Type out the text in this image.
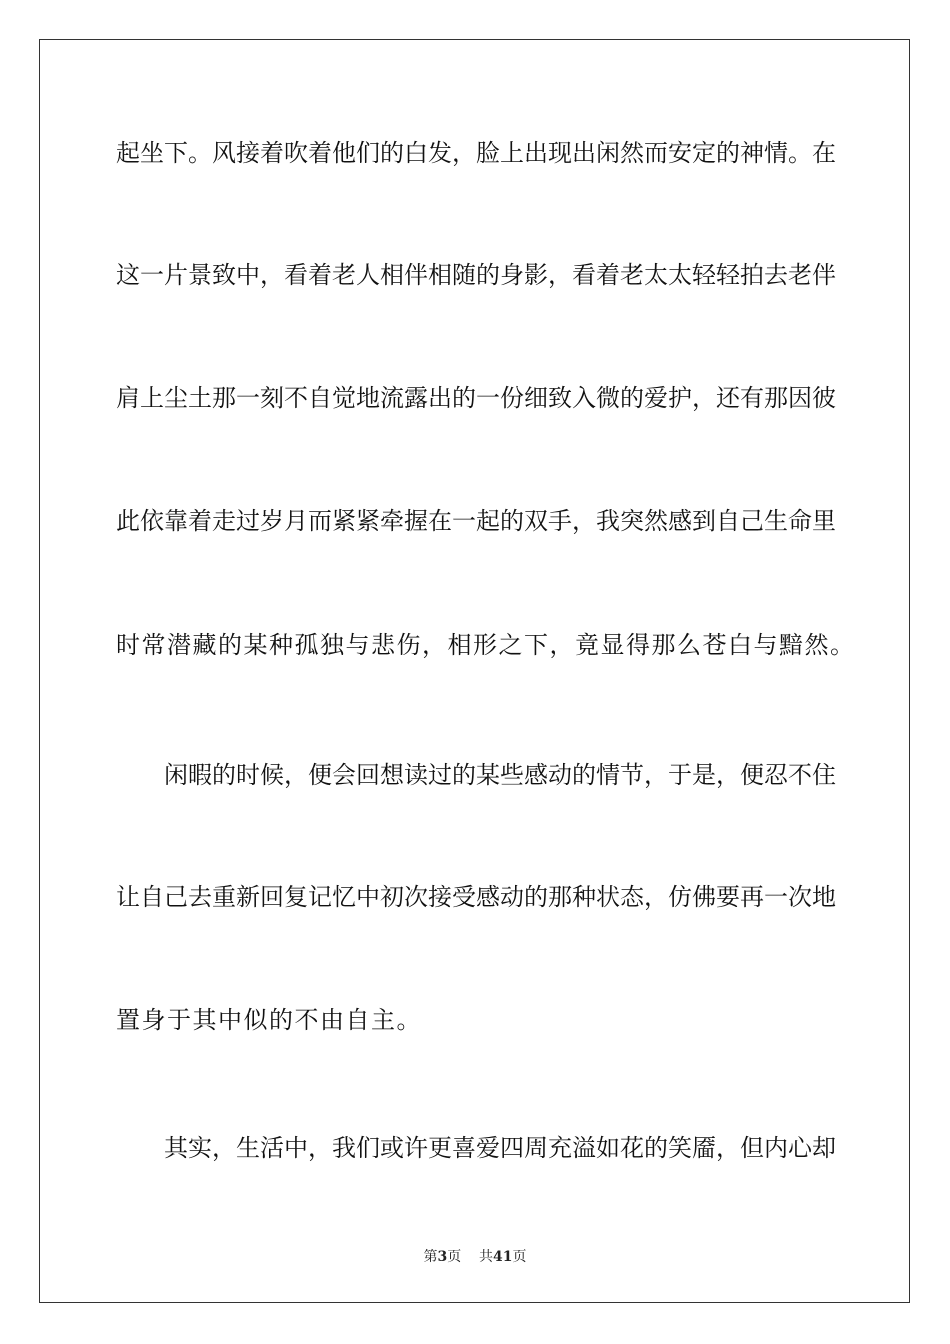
起坐下。风接着吹着他们的白发，脸上出现出闲然而安定的神情。在
这一片景致中，看着老人相伴相随的身影，看着老太太轻轻拍去老伴
肩上尘土那一刻不自觉地流露出的一份细致入微的爱护，还有那因彼
此依靠着走过岁月而紧紧牵握在一起的双手，我突然感到自己生命里
时常潜藏的某种孤独与悲伤，相形之下，竟显得那么苍白与黯然。
闲暇的时候，便会回想读过的某些感动的情节，于是，便忍不住
让自己去重新回复记忆中初次接受感动的那种状态，仿佛要再一次地
置身于其中似的不由自主。
其实，生活中，我们或许更喜爱四周充溢如花的笑靥，但内心却
第3页 共41页
